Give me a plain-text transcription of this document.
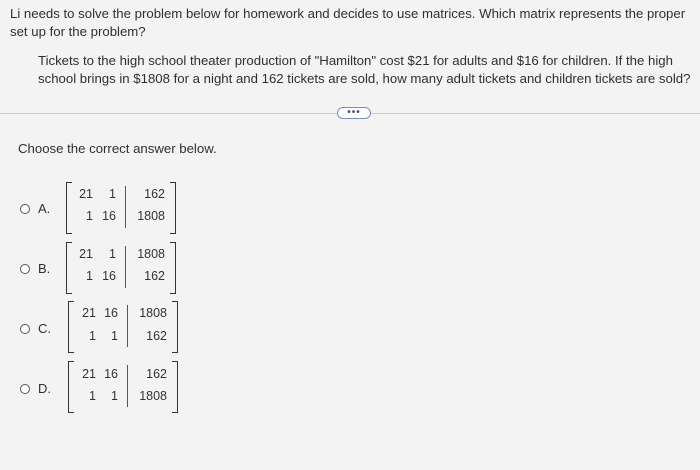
Li needs to solve the problem below for homework and decides to use matrices. Which matrix represents the proper set up for the problem?
Tickets to the high school theater production of "Hamilton" cost $21 for adults and $16 for children. If the high school brings in $1808 for a night and 162 tickets are sold, how many adult tickets and children tickets are sold?
•••
Choose the correct answer below.
A.
21 1 162
1 16 1808
B.
21 1 1808
1 16 162
C.
21 16 1808
1 1 162
D.
21 16 162
1 1 1808
